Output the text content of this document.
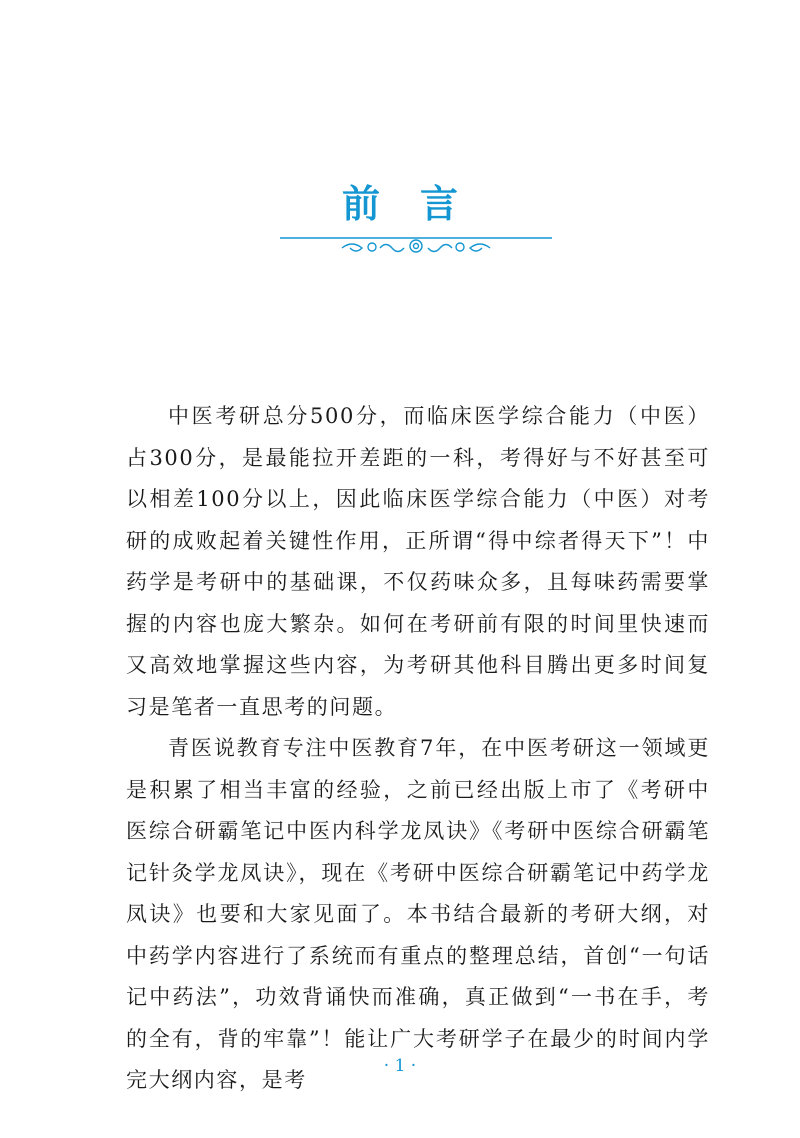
前言

中医考研总分500分，而临床医学综合能力（中医）占300分，是最能拉开差距的一科，考得好与不好甚至可以相差100分以上，因此临床医学综合能力（中医）对考研的成败起着关键性作用，正所谓“得中综者得天下”！中药学是考研中的基础课，不仅药味众多，且每味药需要掌握的内容也庞大繁杂。如何在考研前有限的时间里快速而又高效地掌握这些内容，为考研其他科目腾出更多时间复习是笔者一直思考的问题。

青医说教育专注中医教育7年，在中医考研这一领域更是积累了相当丰富的经验，之前已经出版上市了《考研中医综合研霸笔记中医内科学龙凤诀》《考研中医综合研霸笔记针灸学龙凤诀》，现在《考研中医综合研霸笔记中药学龙凤诀》也要和大家见面了。本书结合最新的考研大纲，对中药学内容进行了系统而有重点的整理总结，首创“一句话记中药法”，功效背诵快而准确，真正做到“一书在手，考的全有，背的牢靠”！能让广大考研学子在最少的时间内学完大纲内容，是考

· 1 ·
